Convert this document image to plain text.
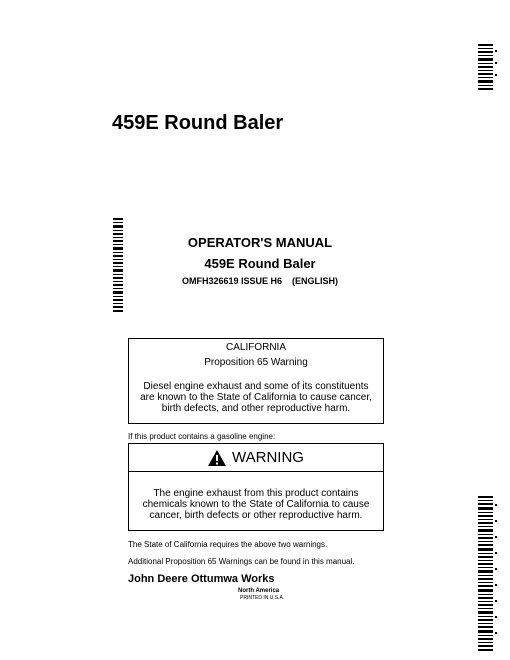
459E Round Baler
OPERATOR'S MANUAL
459E Round Baler
OMFH326619 ISSUE H6    (ENGLISH)
CALIFORNIA
Proposition 65 Warning
Diesel engine exhaust and some of its constituents are known to the State of California to cause cancer, birth defects, and other reproductive harm.
If this product contains a gasoline engine:
WARNING
The engine exhaust from this product contains chemicals known to the State of California to cause cancer, birth defects or other reproductive harm.
The State of California requires the above two warnings.
Additional Proposition 65 Warnings can be found in this manual.
John Deere Ottumwa Works
North America
PRINTED IN U.S.A.
